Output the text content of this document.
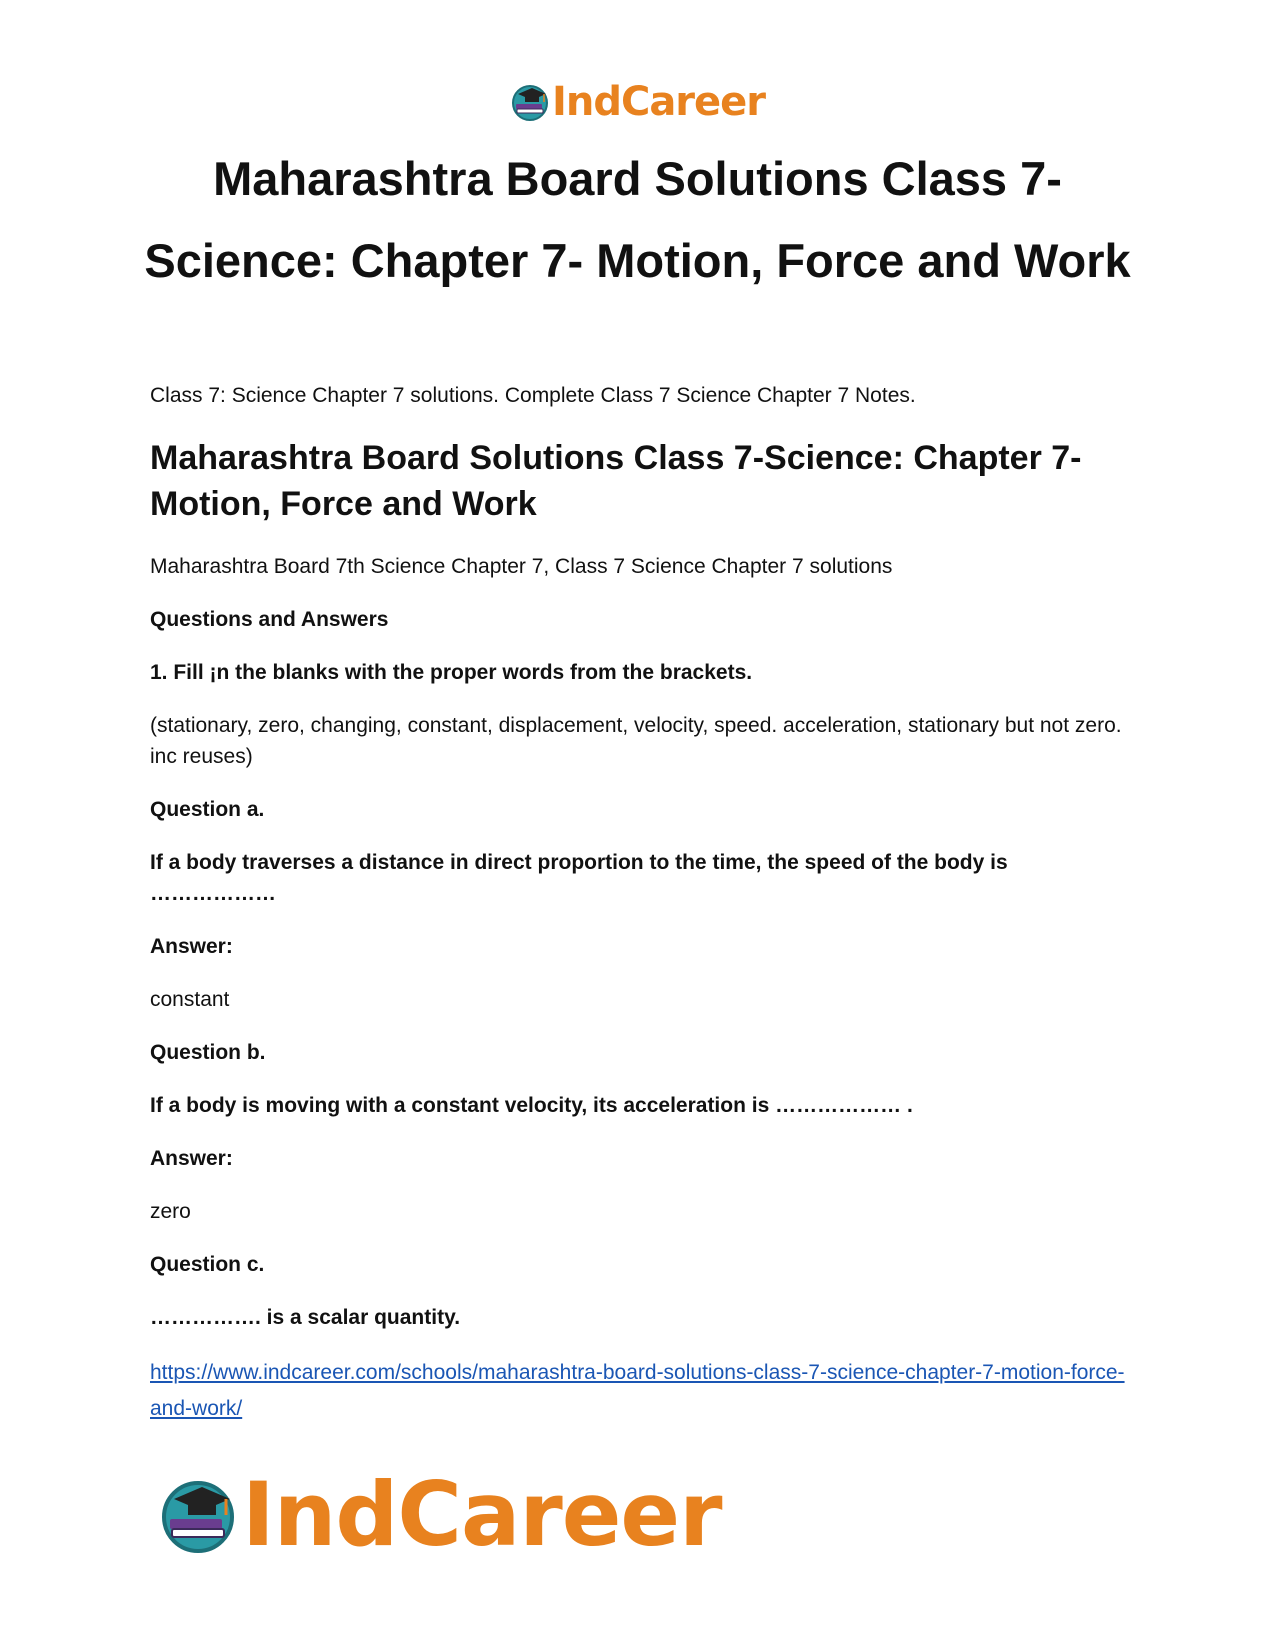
IndCareer
Maharashtra Board Solutions Class 7-Science: Chapter 7- Motion, Force and Work

Class 7: Science Chapter 7 solutions. Complete Class 7 Science Chapter 7 Notes.

Maharashtra Board Solutions Class 7-Science: Chapter 7- Motion, Force and Work

Maharashtra Board 7th Science Chapter 7, Class 7 Science Chapter 7 solutions

Questions and Answers

1. Fill ¡n the blanks with the proper words from the brackets.

(stationary, zero, changing, constant, displacement, velocity, speed. acceleration, stationary but not zero. inc reuses)

Question a.

If a body traverses a distance in direct proportion to the time, the speed of the body is ………………

Answer:

constant

Question b.

If a body is moving with a constant velocity, its acceleration is ……………… .

Answer:

zero

Question c.

……………. is a scalar quantity.

https://www.indcareer.com/schools/maharashtra-board-solutions-class-7-science-chapter-7-motion-force-and-work/
IndCareer
